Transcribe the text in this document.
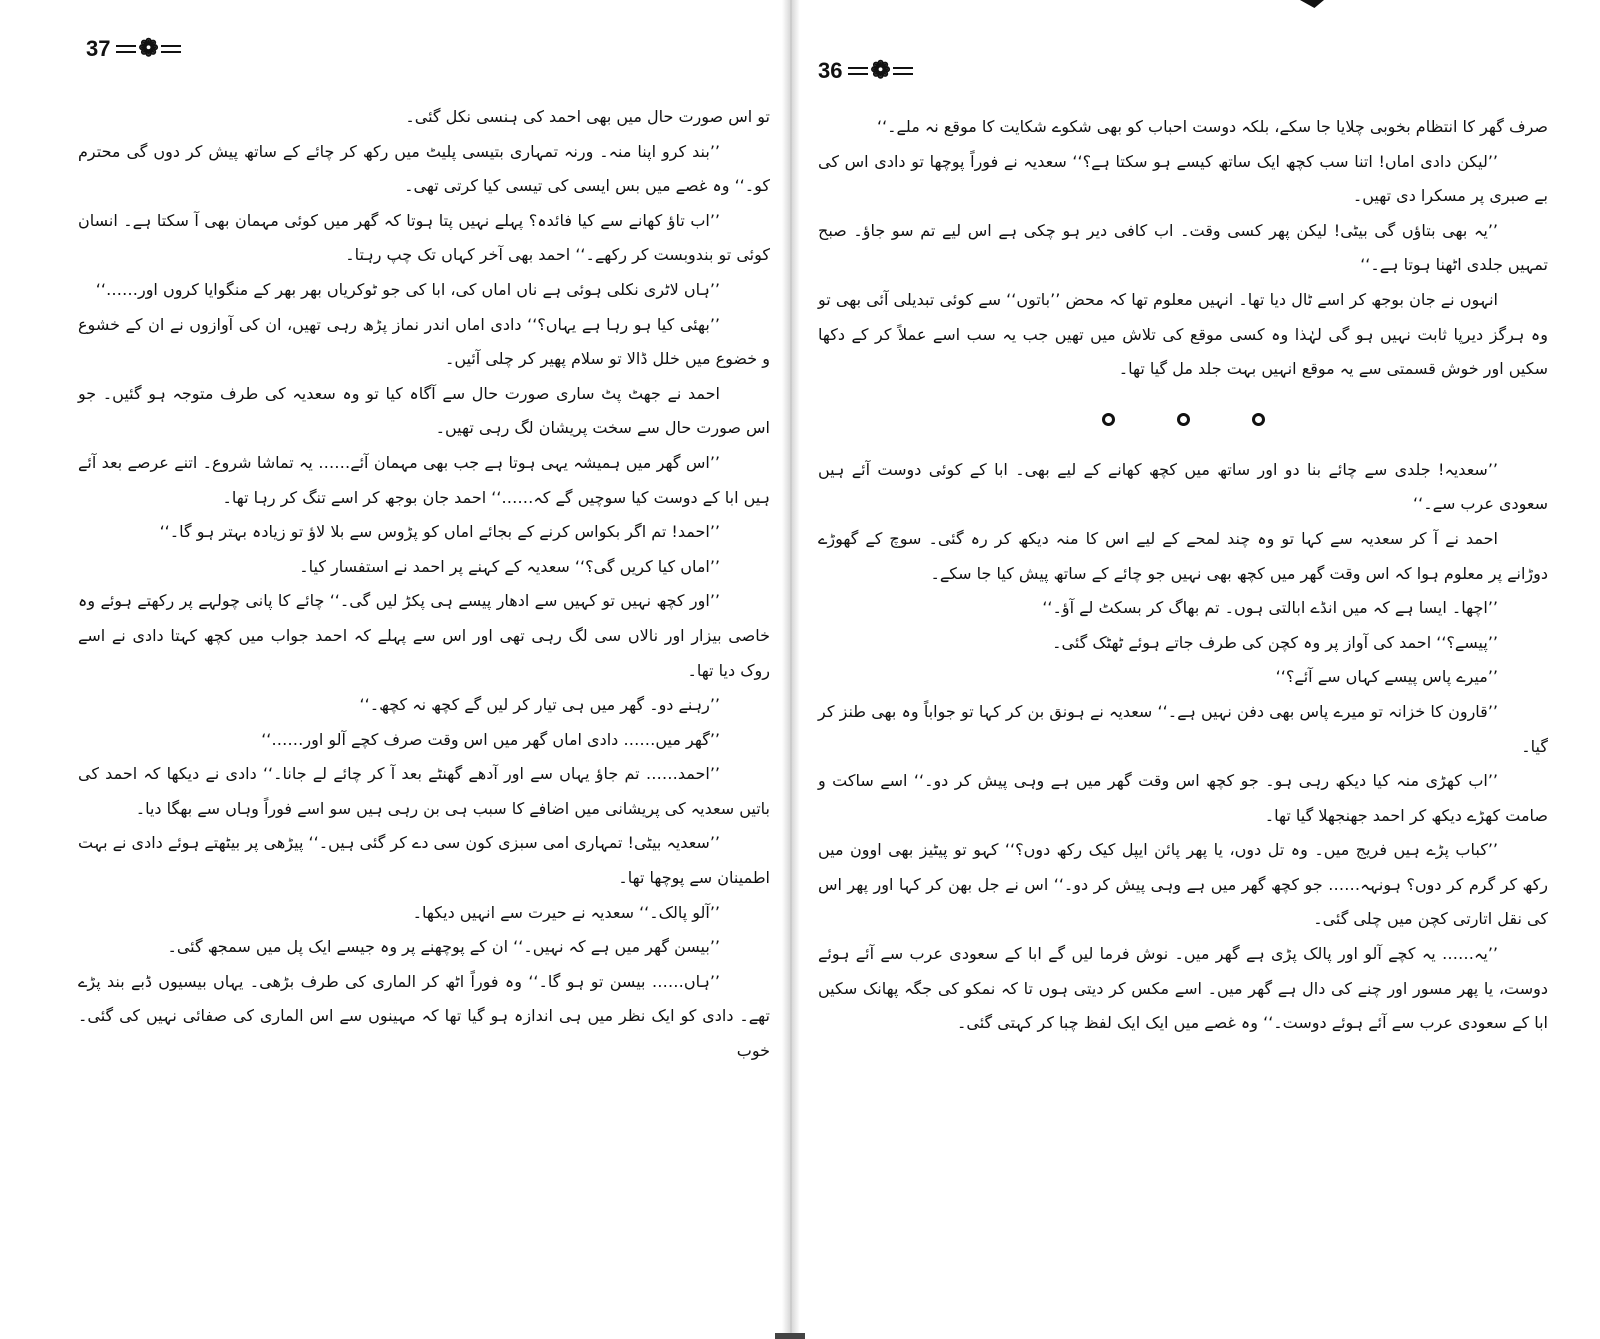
37 ❁

تو اس صورت حال میں بھی احمد کی ہنسی نکل گئی۔

’’بند کرو اپنا منہ۔ ورنہ تمہاری بتیسی پلیٹ میں رکھ کر چائے کے ساتھ پیش کر دوں گی محترم کو۔‘‘ وہ غصے میں بس ایسی کی تیسی کیا کرتی تھی۔

’’اب تاؤ کھانے سے کیا فائدہ؟ پہلے نہیں پتا ہوتا کہ گھر میں کوئی مہمان بھی آ سکتا ہے۔ انسان کوئی تو بندوبست کر رکھے۔‘‘ احمد بھی آخر کہاں تک چپ رہتا۔

’’ہاں لاٹری نکلی ہوئی ہے ناں اماں کی، ابا کی جو ٹوکریاں بھر بھر کے منگوایا کروں اور……‘‘

’’بھئی کیا ہو رہا ہے یہاں؟‘‘ دادی اماں اندر نماز پڑھ رہی تھیں، ان کی آوازوں نے ان کے خشوع و خضوع میں خلل ڈالا تو سلام پھیر کر چلی آئیں۔

احمد نے جھٹ پٹ ساری صورت حال سے آگاہ کیا تو وہ سعدیہ کی طرف متوجہ ہو گئیں۔ جو اس صورت حال سے سخت پریشان لگ رہی تھیں۔

’’اس گھر میں ہمیشہ یہی ہوتا ہے جب بھی مہمان آئے…… یہ تماشا شروع۔ اتنے عرصے بعد آئے ہیں ابا کے دوست کیا سوچیں گے کہ……‘‘ احمد جان بوجھ کر اسے تنگ کر رہا تھا۔

’’احمد! تم اگر بکواس کرنے کے بجائے اماں کو پڑوس سے بلا لاؤ تو زیادہ بہتر ہو گا۔‘‘

’’اماں کیا کریں گی؟‘‘ سعدیہ کے کہنے پر احمد نے استفسار کیا۔

’’اور کچھ نہیں تو کہیں سے ادھار پیسے ہی پکڑ لیں گی۔‘‘ چائے کا پانی چولہے پر رکھتے ہوئے وہ خاصی بیزار اور نالاں سی لگ رہی تھی اور اس سے پہلے کہ احمد جواب میں کچھ کہتا دادی نے اسے روک دیا تھا۔

’’رہنے دو۔ گھر میں ہی تیار کر لیں گے کچھ نہ کچھ۔‘‘

’’گھر میں…… دادی اماں گھر میں اس وقت صرف کچے آلو اور……‘‘

’’احمد…… تم جاؤ یہاں سے اور آدھے گھنٹے بعد آ کر چائے لے جانا۔‘‘ دادی نے دیکھا کہ احمد کی باتیں سعدیہ کی پریشانی میں اضافے کا سبب ہی بن رہی ہیں سو اسے فوراً وہاں سے بھگا دیا۔

’’سعدیہ بیٹی! تمہاری امی سبزی کون سی دے کر گئی ہیں۔‘‘ پیڑھی پر بیٹھتے ہوئے دادی نے بہت اطمینان سے پوچھا تھا۔

’’آلو پالک۔‘‘ سعدیہ نے حیرت سے انہیں دیکھا۔

’’بیسن گھر میں ہے کہ نہیں۔‘‘ ان کے پوچھنے پر وہ جیسے ایک پل میں سمجھ گئی۔

’’ہاں…… بیسن تو ہو گا۔‘‘ وہ فوراً اٹھ کر الماری کی طرف بڑھی۔ یہاں بیسیوں ڈبے بند پڑے تھے۔ دادی کو ایک نظر میں ہی اندازہ ہو گیا تھا کہ مہینوں سے اس الماری کی صفائی نہیں کی گئی۔ خوب

36 ❁

صرف گھر کا انتظام بخوبی چلایا جا سکے، بلکہ دوست احباب کو بھی شکوے شکایت کا موقع نہ ملے۔‘‘

’’لیکن دادی اماں! اتنا سب کچھ ایک ساتھ کیسے ہو سکتا ہے؟‘‘ سعدیہ نے فوراً پوچھا تو دادی اس کی بے صبری پر مسکرا دی تھیں۔

’’یہ بھی بتاؤں گی بیٹی! لیکن پھر کسی وقت۔ اب کافی دیر ہو چکی ہے اس لیے تم سو جاؤ۔ صبح تمہیں جلدی اٹھنا ہوتا ہے۔‘‘

انہوں نے جان بوجھ کر اسے ٹال دیا تھا۔ انہیں معلوم تھا کہ محض ’’باتوں‘‘ سے کوئی تبدیلی آئی بھی تو وہ ہرگز دیرپا ثابت نہیں ہو گی لہٰذا وہ کسی موقع کی تلاش میں تھیں جب یہ سب اسے عملاً کر کے دکھا سکیں اور خوش قسمتی سے یہ موقع انہیں بہت جلد مل گیا تھا۔

’’سعدیہ! جلدی سے چائے بنا دو اور ساتھ میں کچھ کھانے کے لیے بھی۔ ابا کے کوئی دوست آئے ہیں سعودی عرب سے۔‘‘

احمد نے آ کر سعدیہ سے کہا تو وہ چند لمحے کے لیے اس کا منہ دیکھ کر رہ گئی۔ سوچ کے گھوڑے دوڑانے پر معلوم ہوا کہ اس وقت گھر میں کچھ بھی نہیں جو چائے کے ساتھ پیش کیا جا سکے۔

’’اچھا۔ ایسا ہے کہ میں انڈے ابالتی ہوں۔ تم بھاگ کر بسکٹ لے آؤ۔‘‘

’’پیسے؟‘‘ احمد کی آواز پر وہ کچن کی طرف جاتے ہوئے ٹھٹک گئی۔

’’میرے پاس پیسے کہاں سے آئے؟‘‘

’’قارون کا خزانہ تو میرے پاس بھی دفن نہیں ہے۔‘‘ سعدیہ نے ہونق بن کر کہا تو جواباً وہ بھی طنز کر گیا۔

’’اب کھڑی منہ کیا دیکھ رہی ہو۔ جو کچھ اس وقت گھر میں ہے وہی پیش کر دو۔‘‘ اسے ساکت و صامت کھڑے دیکھ کر احمد جھنجھلا گیا تھا۔

’’کباب پڑے ہیں فریج میں۔ وہ تل دوں، یا پھر پائن ایپل کیک رکھ دوں؟‘‘ کہو تو پیٹیز بھی اوون میں رکھ کر گرم کر دوں؟ ہونہہ…… جو کچھ گھر میں ہے وہی پیش کر دو۔‘‘ اس نے جل بھن کر کہا اور پھر اس کی نقل اتارتی کچن میں چلی گئی۔

’’یہ…… یہ کچے آلو اور پالک پڑی ہے گھر میں۔ نوش فرما لیں گے ابا کے سعودی عرب سے آئے ہوئے دوست، یا پھر مسور اور چنے کی دال ہے گھر میں۔ اسے مکس کر دیتی ہوں تا کہ نمکو کی جگہ پھانک سکیں ابا کے سعودی عرب سے آئے ہوئے دوست۔‘‘ وہ غصے میں ایک ایک لفظ چبا کر کہتی گئی۔
